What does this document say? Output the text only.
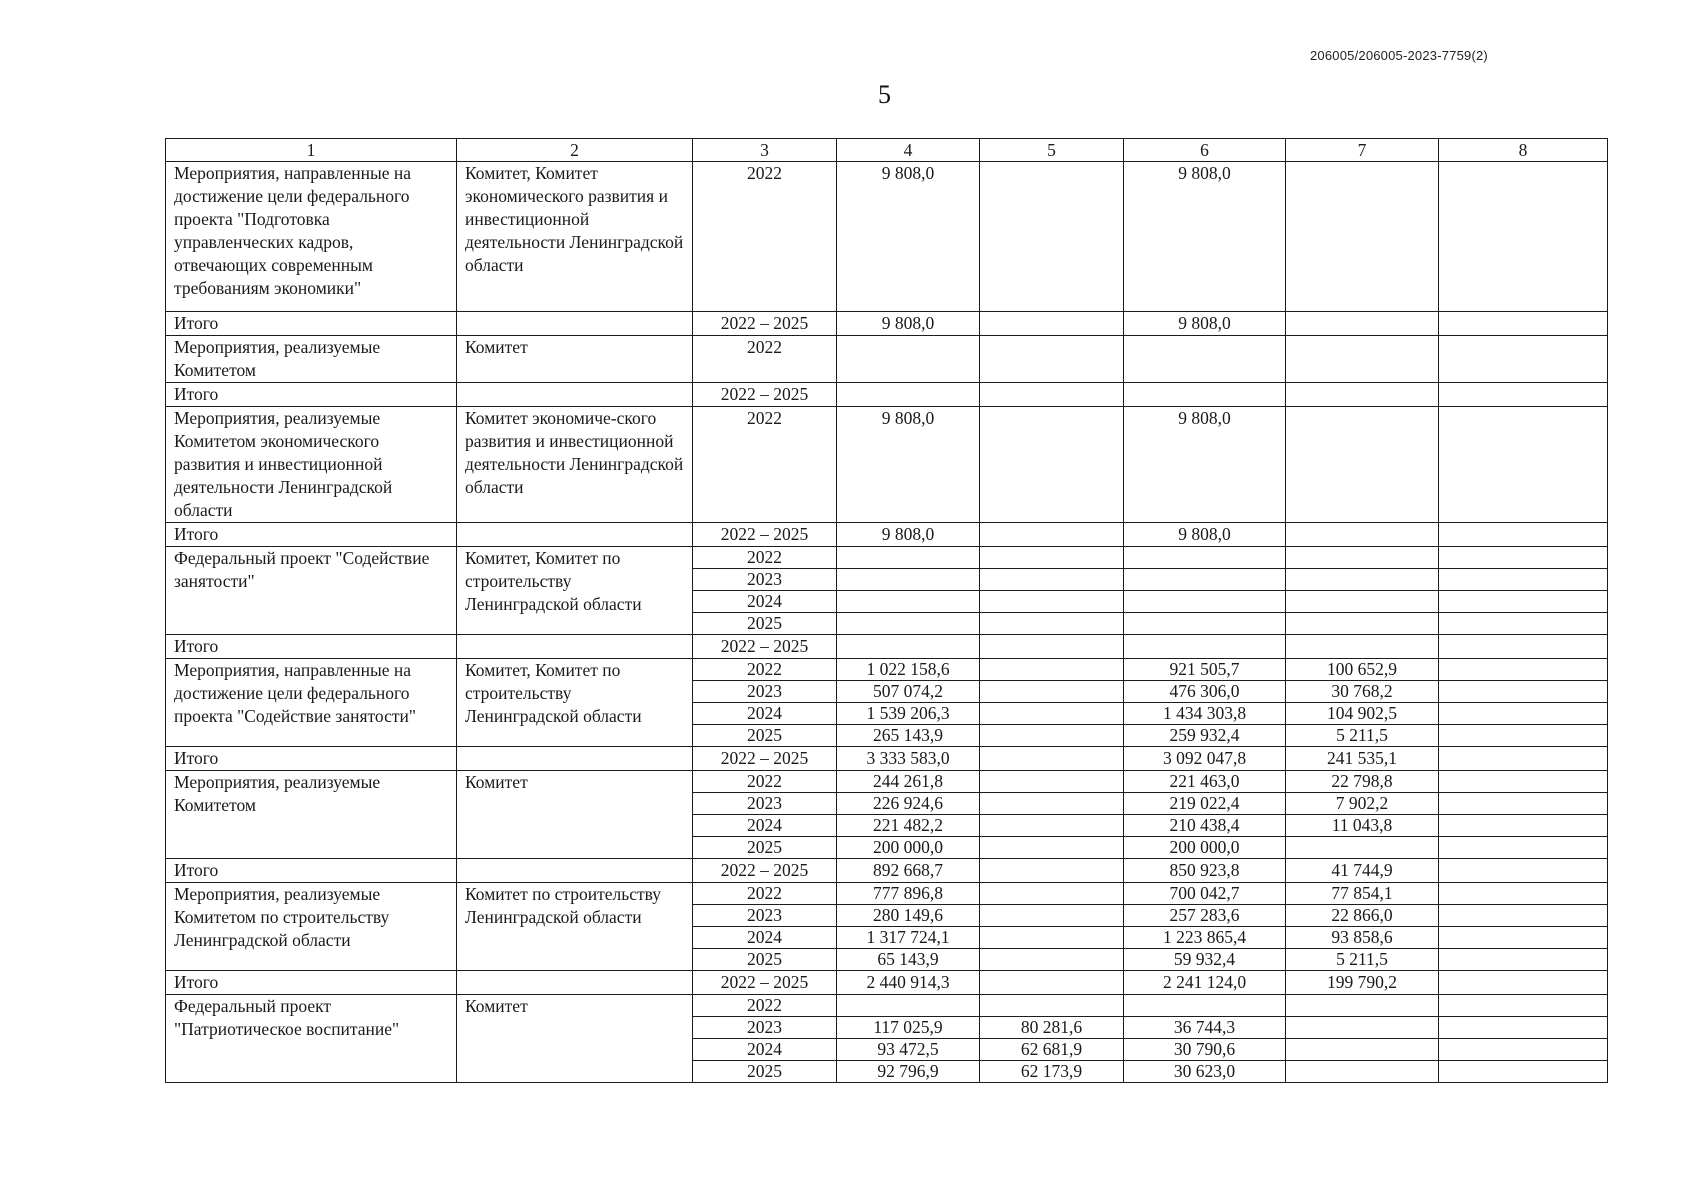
206005/206005-2023-7759(2)
5
1	2	3	4	5	6	7	8
Мероприятия, направленные на достижение цели федерального проекта "Подготовка управленческих кадров, отвечающих современным требованиям экономики"	Комитет, Комитет экономического развития и инвестиционной деятельности Ленинградской области	2022	9 808,0		9 808,0		
Итого		2022 – 2025	9 808,0		9 808,0		
Мероприятия, реализуемые Комитетом	Комитет	2022					
Итого		2022 – 2025					
Мероприятия, реализуемые Комитетом экономического развития и инвестиционной деятельности Ленинградской области	Комитет экономиче-ского развития и инвестиционной деятельности Ленинградской области	2022	9 808,0		9 808,0		
Итого		2022 – 2025	9 808,0		9 808,0		
Федеральный проект "Содействие занятости"	Комитет, Комитет по строительству Ленинградской области	2022					
		2023					
		2024					
		2025					
Итого		2022 – 2025					
Мероприятия, направленные на достижение цели федерального проекта "Содействие занятости"	Комитет, Комитет по строительству Ленинградской области	2022	1 022 158,6		921 505,7	100 652,9	
		2023	507 074,2		476 306,0	30 768,2	
		2024	1 539 206,3		1 434 303,8	104 902,5	
		2025	265 143,9		259 932,4	5 211,5	
Итого		2022 – 2025	3 333 583,0		3 092 047,8	241 535,1	
Мероприятия, реализуемые Комитетом	Комитет	2022	244 261,8		221 463,0	22 798,8	
		2023	226 924,6		219 022,4	7 902,2	
		2024	221 482,2		210 438,4	11 043,8	
		2025	200 000,0		200 000,0		
Итого		2022 – 2025	892 668,7		850 923,8	41 744,9	
Мероприятия, реализуемые Комитетом по строительству Ленинградской области	Комитет по строительству Ленинградской области	2022	777 896,8		700 042,7	77 854,1	
		2023	280 149,6		257 283,6	22 866,0	
		2024	1 317 724,1		1 223 865,4	93 858,6	
		2025	65 143,9		59 932,4	5 211,5	
Итого		2022 – 2025	2 440 914,3		2 241 124,0	199 790,2	
Федеральный проект "Патриотическое воспитание"	Комитет	2022					
		2023	117 025,9	80 281,6	36 744,3		
		2024	93 472,5	62 681,9	30 790,6		
		2025	92 796,9	62 173,9	30 623,0		
